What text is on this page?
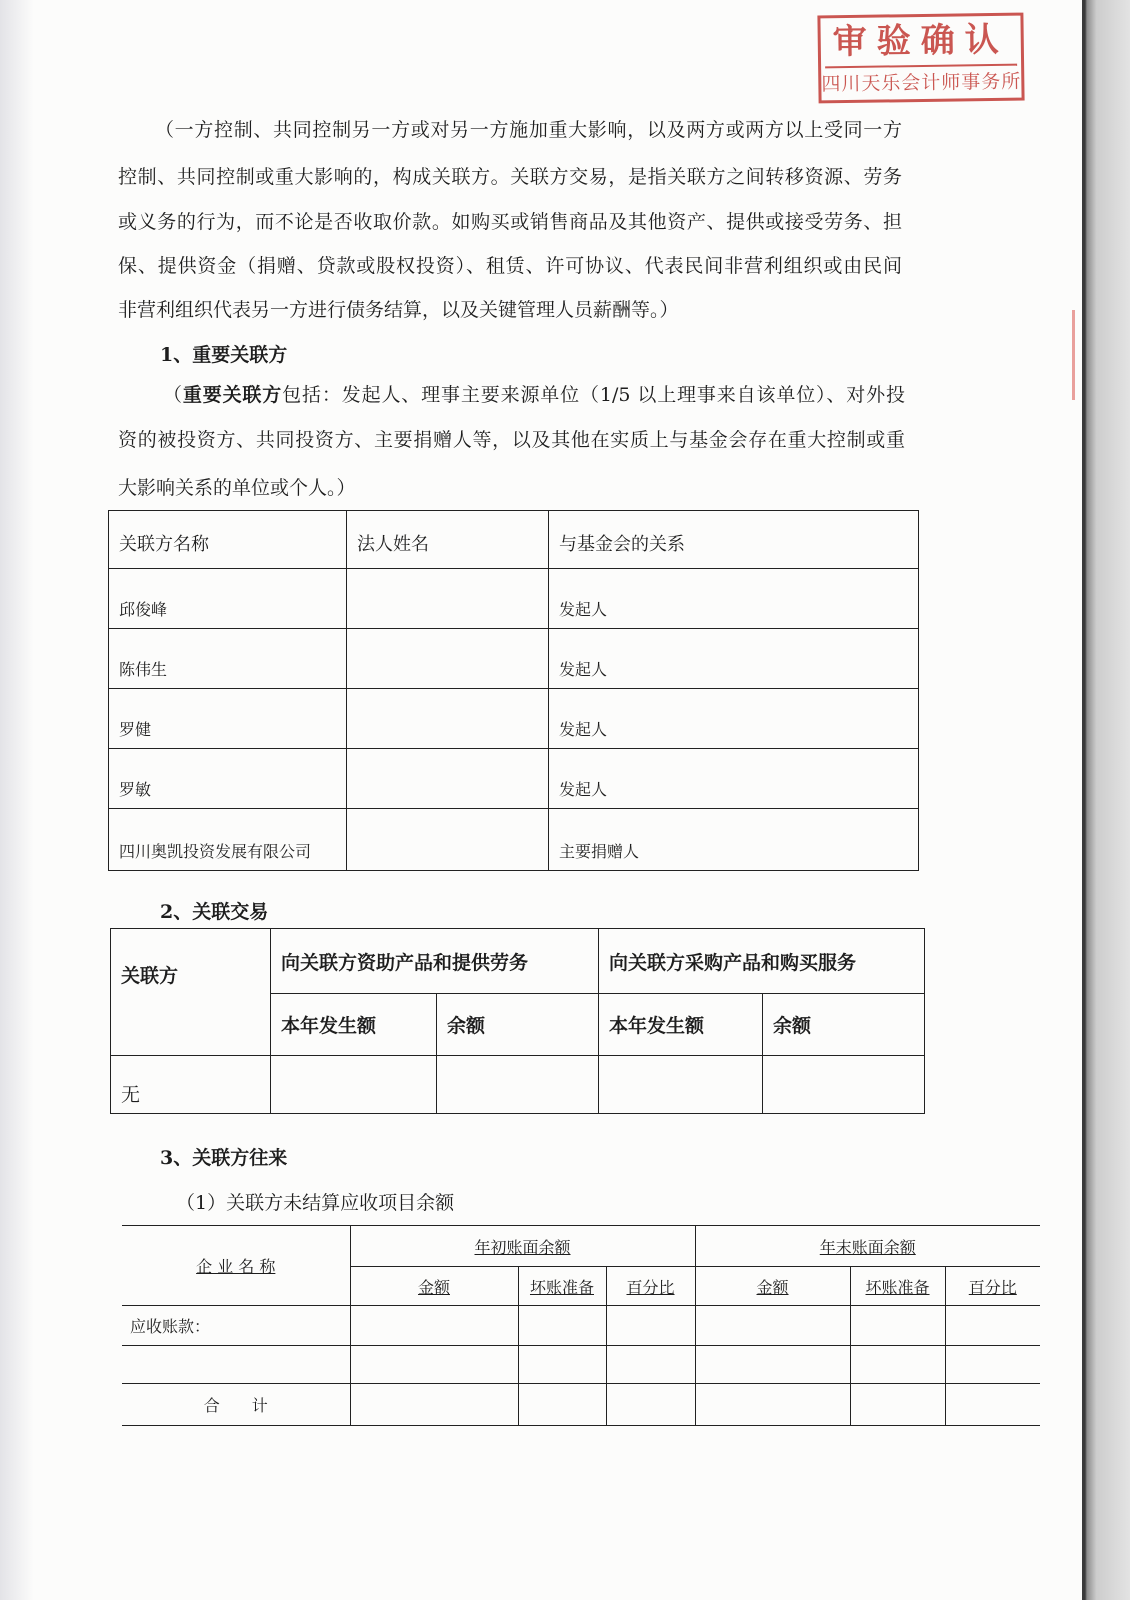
审验确认
四川天乐会计师事务所
（一方控制、共同控制另一方或对另一方施加重大影响，以及两方或两方以上受同一方
控制、共同控制或重大影响的，构成关联方。关联方交易，是指关联方之间转移资源、劳务
或义务的行为，而不论是否收取价款。如购买或销售商品及其他资产、提供或接受劳务、担
保、提供资金（捐赠、贷款或股权投资）、租赁、许可协议、代表民间非营利组织或由民间
非营利组织代表另一方进行债务结算，以及关键管理人员薪酬等。）
1、重要关联方
（重要关联方包括：发起人、理事主要来源单位（1/5 以上理事来自该单位）、对外投
资的被投资方、共同投资方、主要捐赠人等，以及其他在实质上与基金会存在重大控制或重
大影响关系的单位或个人。）
关联方名称	法人姓名	与基金会的关系
邱俊峰		发起人
陈伟生		发起人
罗健		发起人
罗敏		发起人
四川奥凯投资发展有限公司		主要捐赠人
2、关联交易
关联方	向关联方资助产品和提供劳务		向关联方采购产品和购买服务	
	本年发生额	余额	本年发生额	余额
无				
3、关联方往来
（1）关联方未结算应收项目余额
企 业 名 称	年初账面余额			年末账面余额		
	金额	坏账准备	百分比	金额	坏账准备	百分比
应收账款：						

合　　计						
